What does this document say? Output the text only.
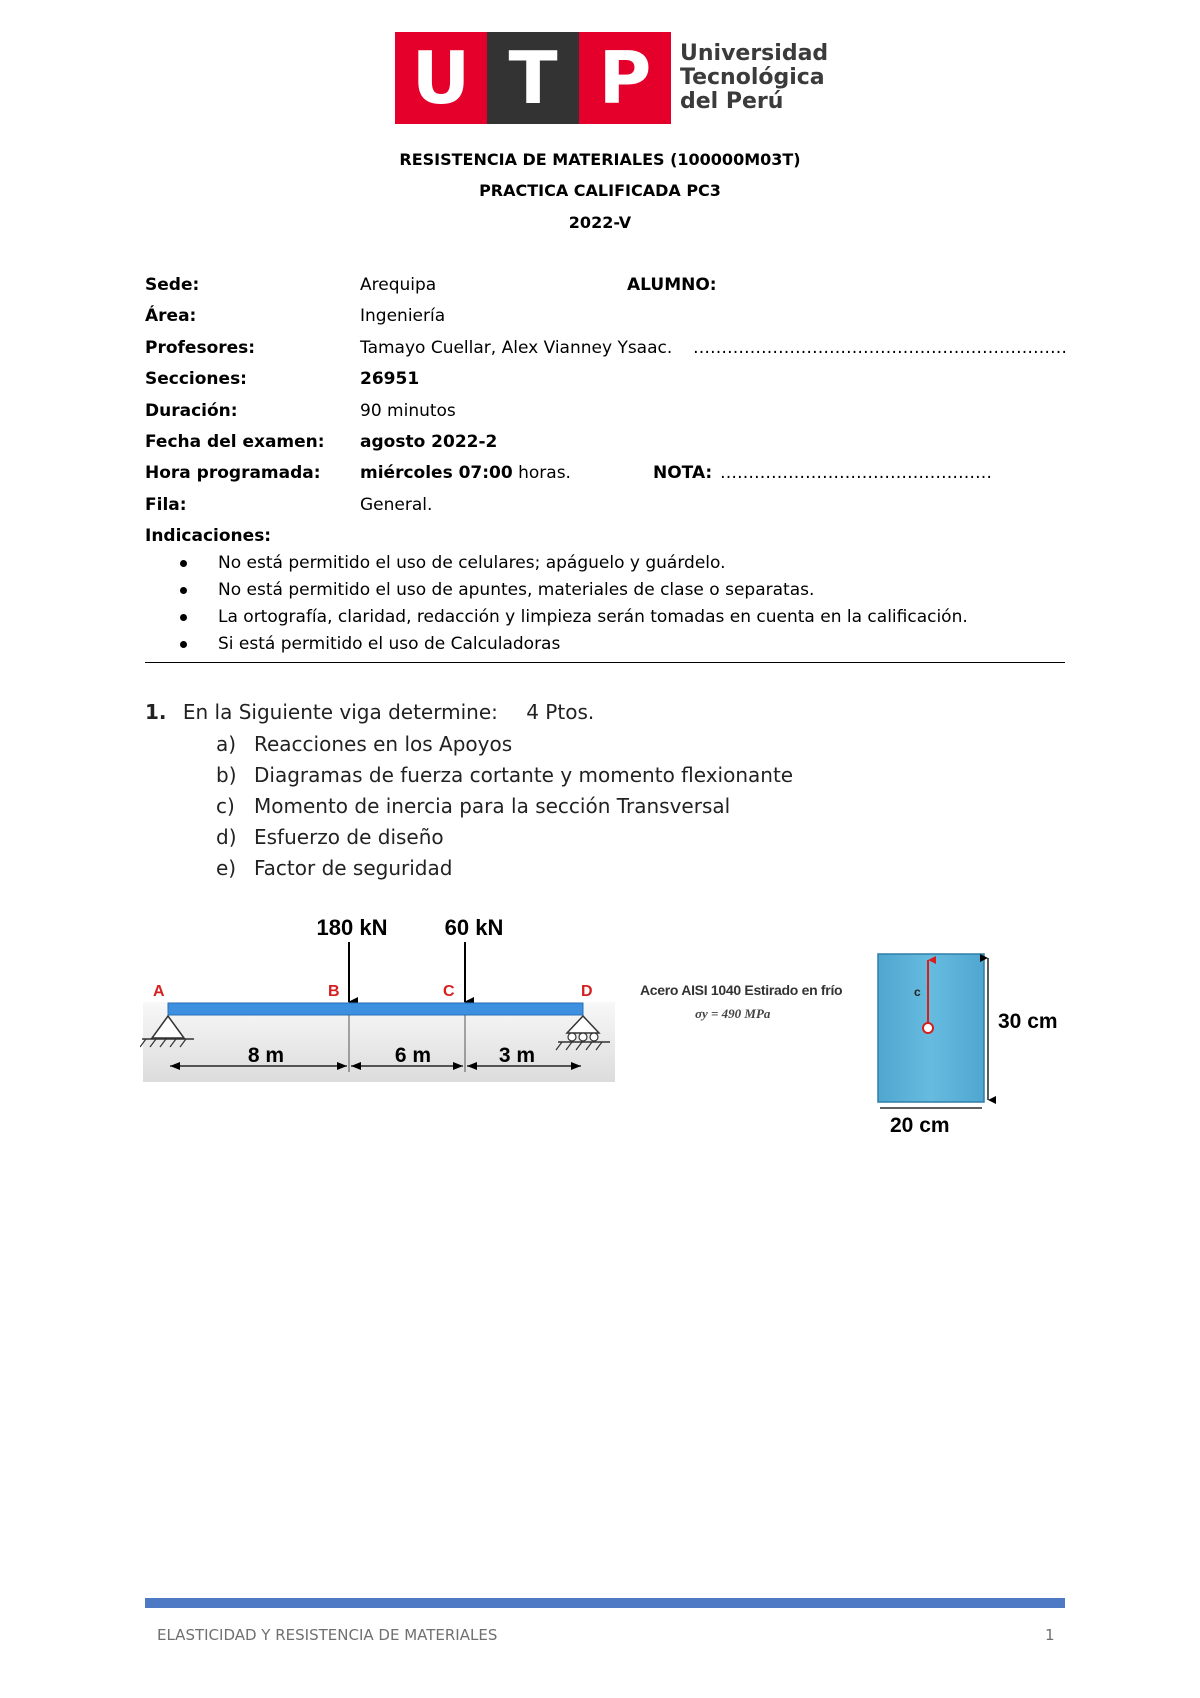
U T P	Universidad
Tecnológica
del Perú
RESISTENCIA DE MATERIALES (100000M03T)
PRACTICA CALIFICADA PC3
2022-V
Sede:	Arequipa	ALUMNO:
Área:	Ingeniería
Profesores:	Tamayo Cuellar, Alex Vianney Ysaac. …………………………………………………………
Secciones:	26951
Duración:	90 minutos
Fecha del examen: agosto 2022-2
Hora programada: miércoles 07:00 horas.	NOTA: …………………………………………
Fila:	General.
Indicaciones:
No está permitido el uso de celulares; apáguelo y guárdelo.
No está permitido el uso de apuntes, materiales de clase o separatas.
La ortografía, claridad, redacción y limpieza serán tomadas en cuenta en la calificación.
Si está permitido el uso de Calculadoras
1. En la Siguiente viga determine: 4 Ptos.
a) Reacciones en los Apoyos
b) Diagramas de fuerza cortante y momento flexionante
c) Momento de inercia para la sección Transversal
d) Esfuerzo de diseño
e) Factor de seguridad
180 kN	60 kN
A	B	C	D
8 m	6 m	3 m
Acero AISI 1040 Estirado en frío
σy = 490 MPa
c
30 cm
20 cm
ELASTICIDAD Y RESISTENCIA DE MATERIALES	1
